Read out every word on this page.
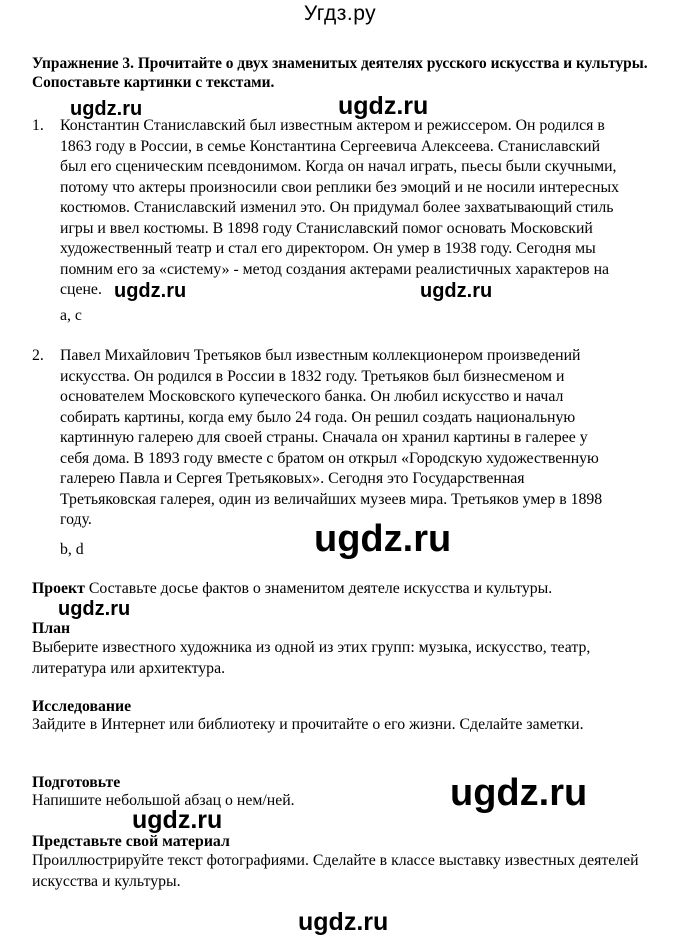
Угдз.ру
Упражнение 3. Прочитайте о двух знаменитых деятелях русского искусства и культуры. Сопоставьте картинки с текстами.
ugdz.ru	ugdz.ru
ugdz.ru	ugdz.ru
ugdz.ru
ugdz.ru
ugdz.ru
ugdz.ru
ugdz.ru
1. Константин Станиславский был известным актером и режиссером. Он родился в 1863 году в России, в семье Константина Сергеевича Алексеева. Станиславский был его сценическим псевдонимом. Когда он начал играть, пьесы были скучными, потому что актеры произносили свои реплики без эмоций и не носили интересных костюмов. Станиславский изменил это. Он придумал более захватывающий стиль игры и ввел костюмы. В 1898 году Станиславский помог основать Московский художественный театр и стал его директором. Он умер в 1938 году. Сегодня мы помним его за «систему» - метод создания актерами реалистичных характеров на сцене.
a, c
2. Павел Михайлович Третьяков был известным коллекционером произведений искусства. Он родился в России в 1832 году. Третьяков был бизнесменом и основателем Московского купеческого банка. Он любил искусство и начал собирать картины, когда ему было 24 года. Он решил создать национальную картинную галерею для своей страны. Сначала он хранил картины в галерее у себя дома. В 1893 году вместе с братом он открыл «Городскую художественную галерею Павла и Сергея Третьяковых». Сегодня это Государственная Третьяковская галерея, один из величайших музеев мира. Третьяков умер в 1898 году.
b, d
Проект Составьте досье фактов о знаменитом деятеле искусства и культуры.
План
Выберите известного художника из одной из этих групп: музыка, искусство, театр, литература или архитектура.
Исследование
Зайдите в Интернет или библиотеку и прочитайте о его жизни. Сделайте заметки.
Подготовьте
Напишите небольшой абзац о нем/ней.
Представьте свой материал
Проиллюстрируйте текст фотографиями. Сделайте в классе выставку известных деятелей искусства и культуры.
